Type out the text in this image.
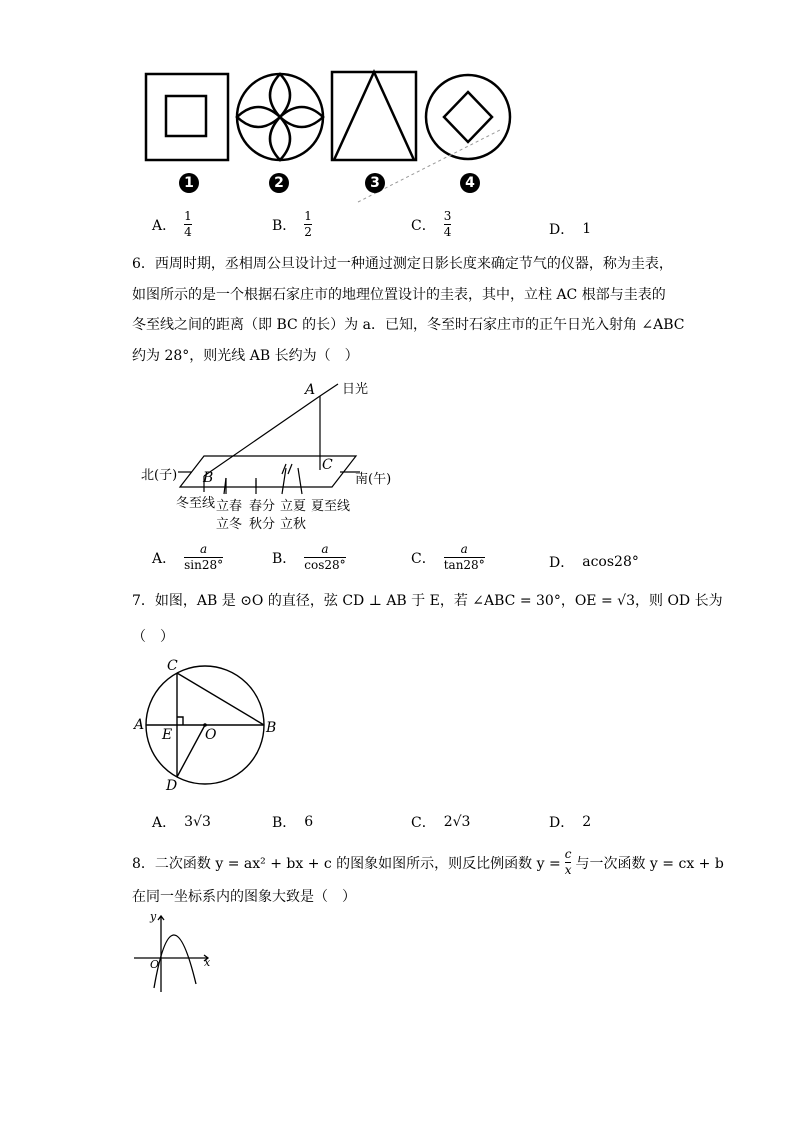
1	2	3	4
A． $\frac{1}{4}$	B． $\frac{1}{2}$	C． $\frac{3}{4}$	D． 1
6．西周时期，丞相周公旦设计过一种通过测定日影长度来确定节气的仪器，称为圭表，
如图所示的是一个根据石家庄市的地理位置设计的圭表，其中，立柱 AC 根部与圭表的
冬至线之间的距离（即 BC 的长）为 a．已知，冬至时石家庄市的正午日光入射角 ∠ABC
约为 28°，则光线 AB 长约为（　）
A
B
C
日光
北(子)	南(午)
冬至线 立春 春分 立夏 夏至线
立冬 秋分 立秋
A． $\frac{a}{\sin 28^\circ}$	B． $\frac{a}{\cos 28^\circ}$	C． $\frac{a}{\tan 28^\circ}$	D． acos28°
7．如图，AB 是 ⊙O 的直径，弦 CD ⊥ AB 于 E，若 ∠ABC = 30°，OE = √3，则 OD 长为
（　）
C
A	B
E O
D
A． 3√3	B． 6	C． 2√3	D． 2
8．二次函数 y = ax² + bx + c 的图象如图所示，则反比例函数 $y = \frac{c}{x}$ 与一次函数 y = cx + b
在同一坐标系内的图象大致是（　）
y
x
O
